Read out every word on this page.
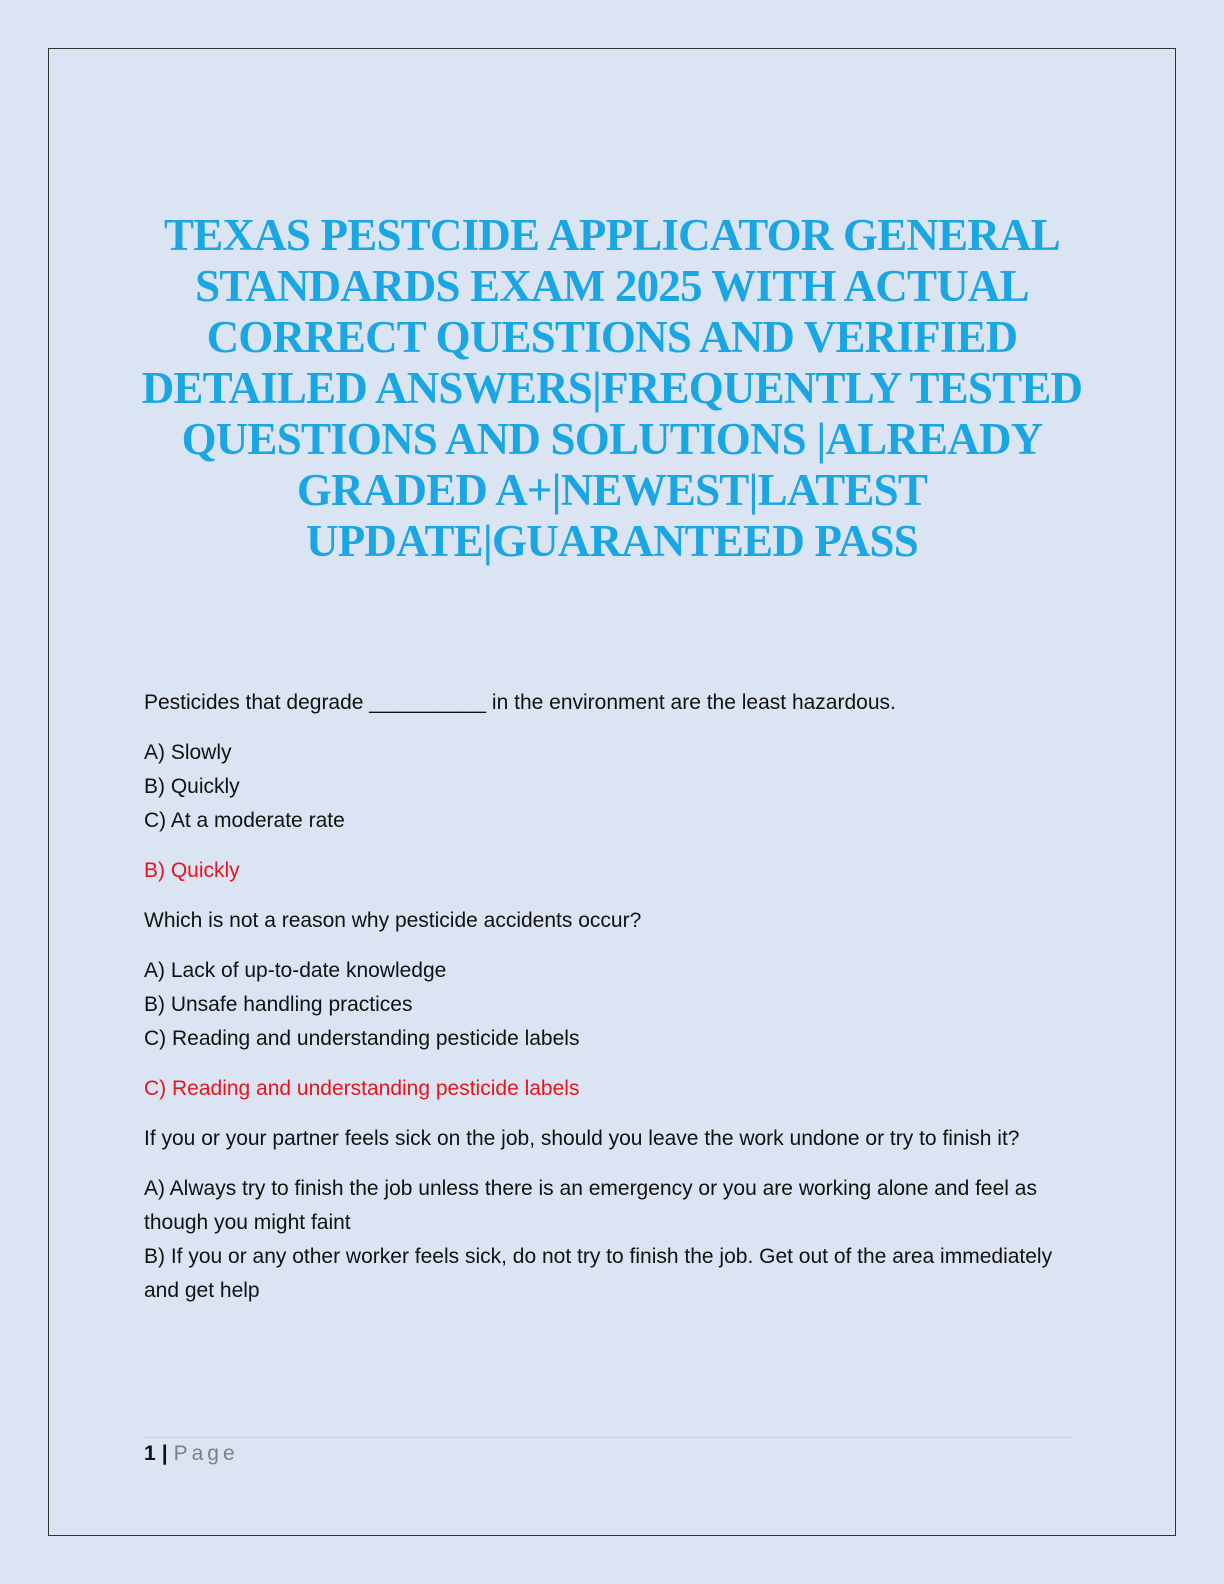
TEXAS PESTCIDE APPLICATOR GENERAL STANDARDS EXAM 2025 WITH ACTUAL CORRECT QUESTIONS AND VERIFIED DETAILED ANSWERS|FREQUENTLY TESTED QUESTIONS AND SOLUTIONS |ALREADY GRADED A+|NEWEST|LATEST UPDATE|GUARANTEED PASS

Pesticides that degrade __________ in the environment are the least hazardous.

A) Slowly
B) Quickly
C) At a moderate rate

B) Quickly

Which is not a reason why pesticide accidents occur?

A) Lack of up-to-date knowledge
B) Unsafe handling practices
C) Reading and understanding pesticide labels

C) Reading and understanding pesticide labels

If you or your partner feels sick on the job, should you leave the work undone or try to finish it?

A) Always try to finish the job unless there is an emergency or you are working alone and feel as though you might faint
B) If you or any other worker feels sick, do not try to finish the job. Get out of the area immediately and get help
1 | Page
